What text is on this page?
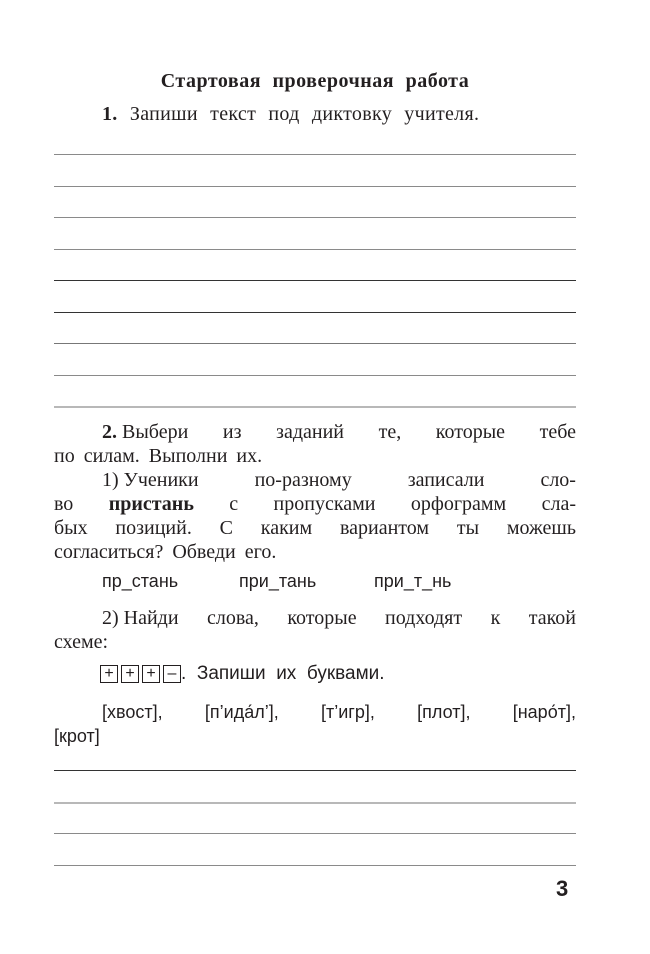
Стартовая проверочная работа
1. Запиши текст под диктовку учителя.
2. Выбери из заданий те, которые тебе
по силам. Выполни их.
1) Ученики	по-разному	записали	сло-
во пристань с пропусками орфограмм сла-
бых позиций. С каким вариантом ты можешь
согласиться? Обведи его.
пр_стань	при_тань	при_т_нь
2) Найди слова, которые подходят к такой
схеме:
+ + + – .  Запиши  их  буквами.
[хвост], [п’ида́л’], [т’игр], [плот], [наро́т],
[крот]
3
